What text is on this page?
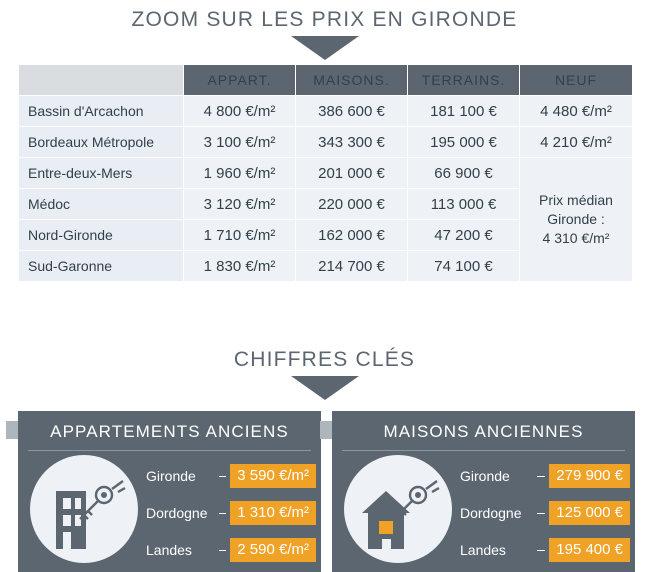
ZOOM SUR LES PRIX EN GIRONDE
	APPART.	MAISONS.	TERRAINS.	NEUF
Bassin d'Arcachon	4 800 €/m²	386 600 €	181 100 €	4 480 €/m²
Bordeaux Métropole	3 100 €/m²	343 300 €	195 000 €	4 210 €/m²
Entre-deux-Mers	1 960 €/m²	201 000 €	66 900 €	Prix médian
Gironde :
4 310 €/m²
Médoc	3 120 €/m²	220 000 €	113 000 €	
Nord-Gironde	1 710 €/m²	162 000 €	47 200 €	
Sud-Garonne	1 830 €/m²	214 700 €	74 100 €	
CHIFFRES CLÉS
APPARTEMENTS ANCIENS
Gironde	3 590 €/m²
Dordogne	1 310 €/m²
Landes	2 590 €/m²
MAISONS ANCIENNES
Gironde	279 900 €
Dordogne	125 000 €
Landes	195 400 €
